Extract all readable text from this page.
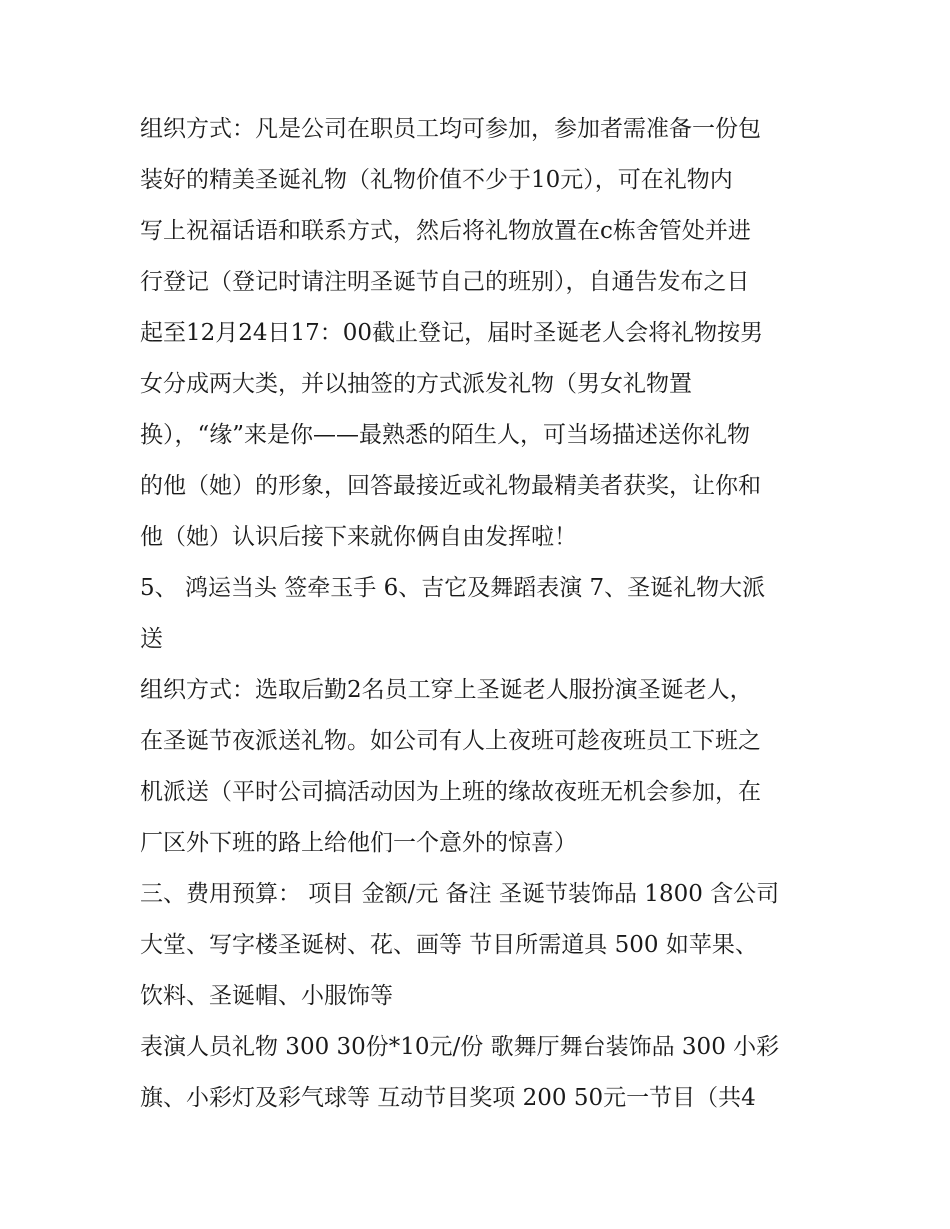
组织方式：凡是公司在职员工均可参加，参加者需准备一份包
装好的精美圣诞礼物（礼物价值不少于10元），可在礼物内
写上祝福话语和联系方式，然后将礼物放置在c栋舍管处并进
行登记（登记时请注明圣诞节自己的班别），自通告发布之日
起至12月24日17：00截止登记，届时圣诞老人会将礼物按男
女分成两大类，并以抽签的方式派发礼物（男女礼物置
换），“缘”来是你——最熟悉的陌生人，可当场描述送你礼物
的他（她）的形象，回答最接近或礼物最精美者获奖，让你和
他（她）认识后接下来就你俩自由发挥啦！
5、 鸿运当头 签牵玉手 6、吉它及舞蹈表演 7、圣诞礼物大派
送
组织方式：选取后勤2名员工穿上圣诞老人服扮演圣诞老人，
在圣诞节夜派送礼物。如公司有人上夜班可趁夜班员工下班之
机派送（平时公司搞活动因为上班的缘故夜班无机会参加，在
厂区外下班的路上给他们一个意外的惊喜）
三、费用预算： 项目 金额/元 备注 圣诞节装饰品 1800 含公司
大堂、写字楼圣诞树、花、画等 节目所需道具 500 如苹果、
饮料、圣诞帽、小服饰等
表演人员礼物 300 30份*10元/份 歌舞厅舞台装饰品 300 小彩
旗、小彩灯及彩气球等 互动节目奖项 200 50元一节目（共4
